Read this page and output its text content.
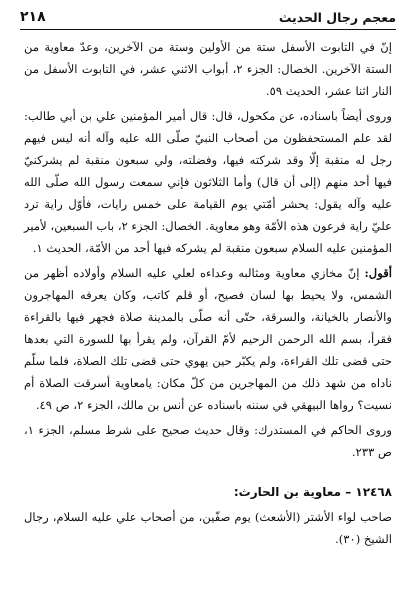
٢١٨	معجم رجال الحديث

إنّ في التابوت الأسفل ستة من الأولين وستة من الآخرين، وعدّ معاوية من الستة الآخرين. الخصال: الجزء ٢، أبواب الاثني عشر، في التابوت الأسفل من النار اثنا عشر، الحديث ٥٩.

وروى أيضاً باسناده، عن مكحول، قال: قال أمير المؤمنين علي بن أبي طالب: لقد علم المستحفظون من أصحاب النبيّ صلّى الله عليه وآله أنه ليس فيهم رجل له منقبة إلّا وقد شركته فيها، وفضلته، ولي سبعون منقبة لم يشركنيّ فيها أحد منهم (إلى أن قال) وأما الثلاثون فإني سمعت رسول الله صلّى الله عليه وآله يقول: يحشر أمّتي يوم القيامة على خمس رايات، فأوّل راية ترد عليّ راية فرعون هذه الأمّة وهو معاوية. الخصال: الجزء ٢، باب السبعين، لأمير المؤمنين عليه السلام سبعون منقبة لم يشركه فيها أحد من الأمّة، الحديث ١.

أقول: إنّ مخازي معاوية ومثالبه وعداءه لعلي عليه السلام وأولاده أظهر من الشمس، ولا يحيط بها لسان فصيح، أو قلم كاتب، وكان يعرفه المهاجرون والأنصار بالخيانة، والسرقة، حتّى أنه صلّى بالمدينة صلاة فجهر فيها بالقراءة فقرأ، بسم الله الرحمن الرحيم لأمّ القرآن، ولم يقرأ بها للسورة التي بعدها حتى قضى تلك القراءة، ولم يكبّر حين يهوي حتى قضى تلك الصلاة، فلما سلّم ناداه من شهد ذلك من المهاجرين من كلّ مكان: يامعاوية أسرقت الصلاة أم نسيت؟ رواها البيهقي في سننه باسناده عن أنس بن مالك، الجزء ٢، ص ٤٩.

وروى الحاكم في المستدرك: وقال حديث صحيح على شرط مسلم، الجزء ١، ص ٢٣٣.

١٢٤٦٨ – معاوية بن الحارث:

صاحب لواء الأشتر (الأشعث) يوم صفّين، من أصحاب علي عليه السلام، رجال الشيخ (٣٠).
